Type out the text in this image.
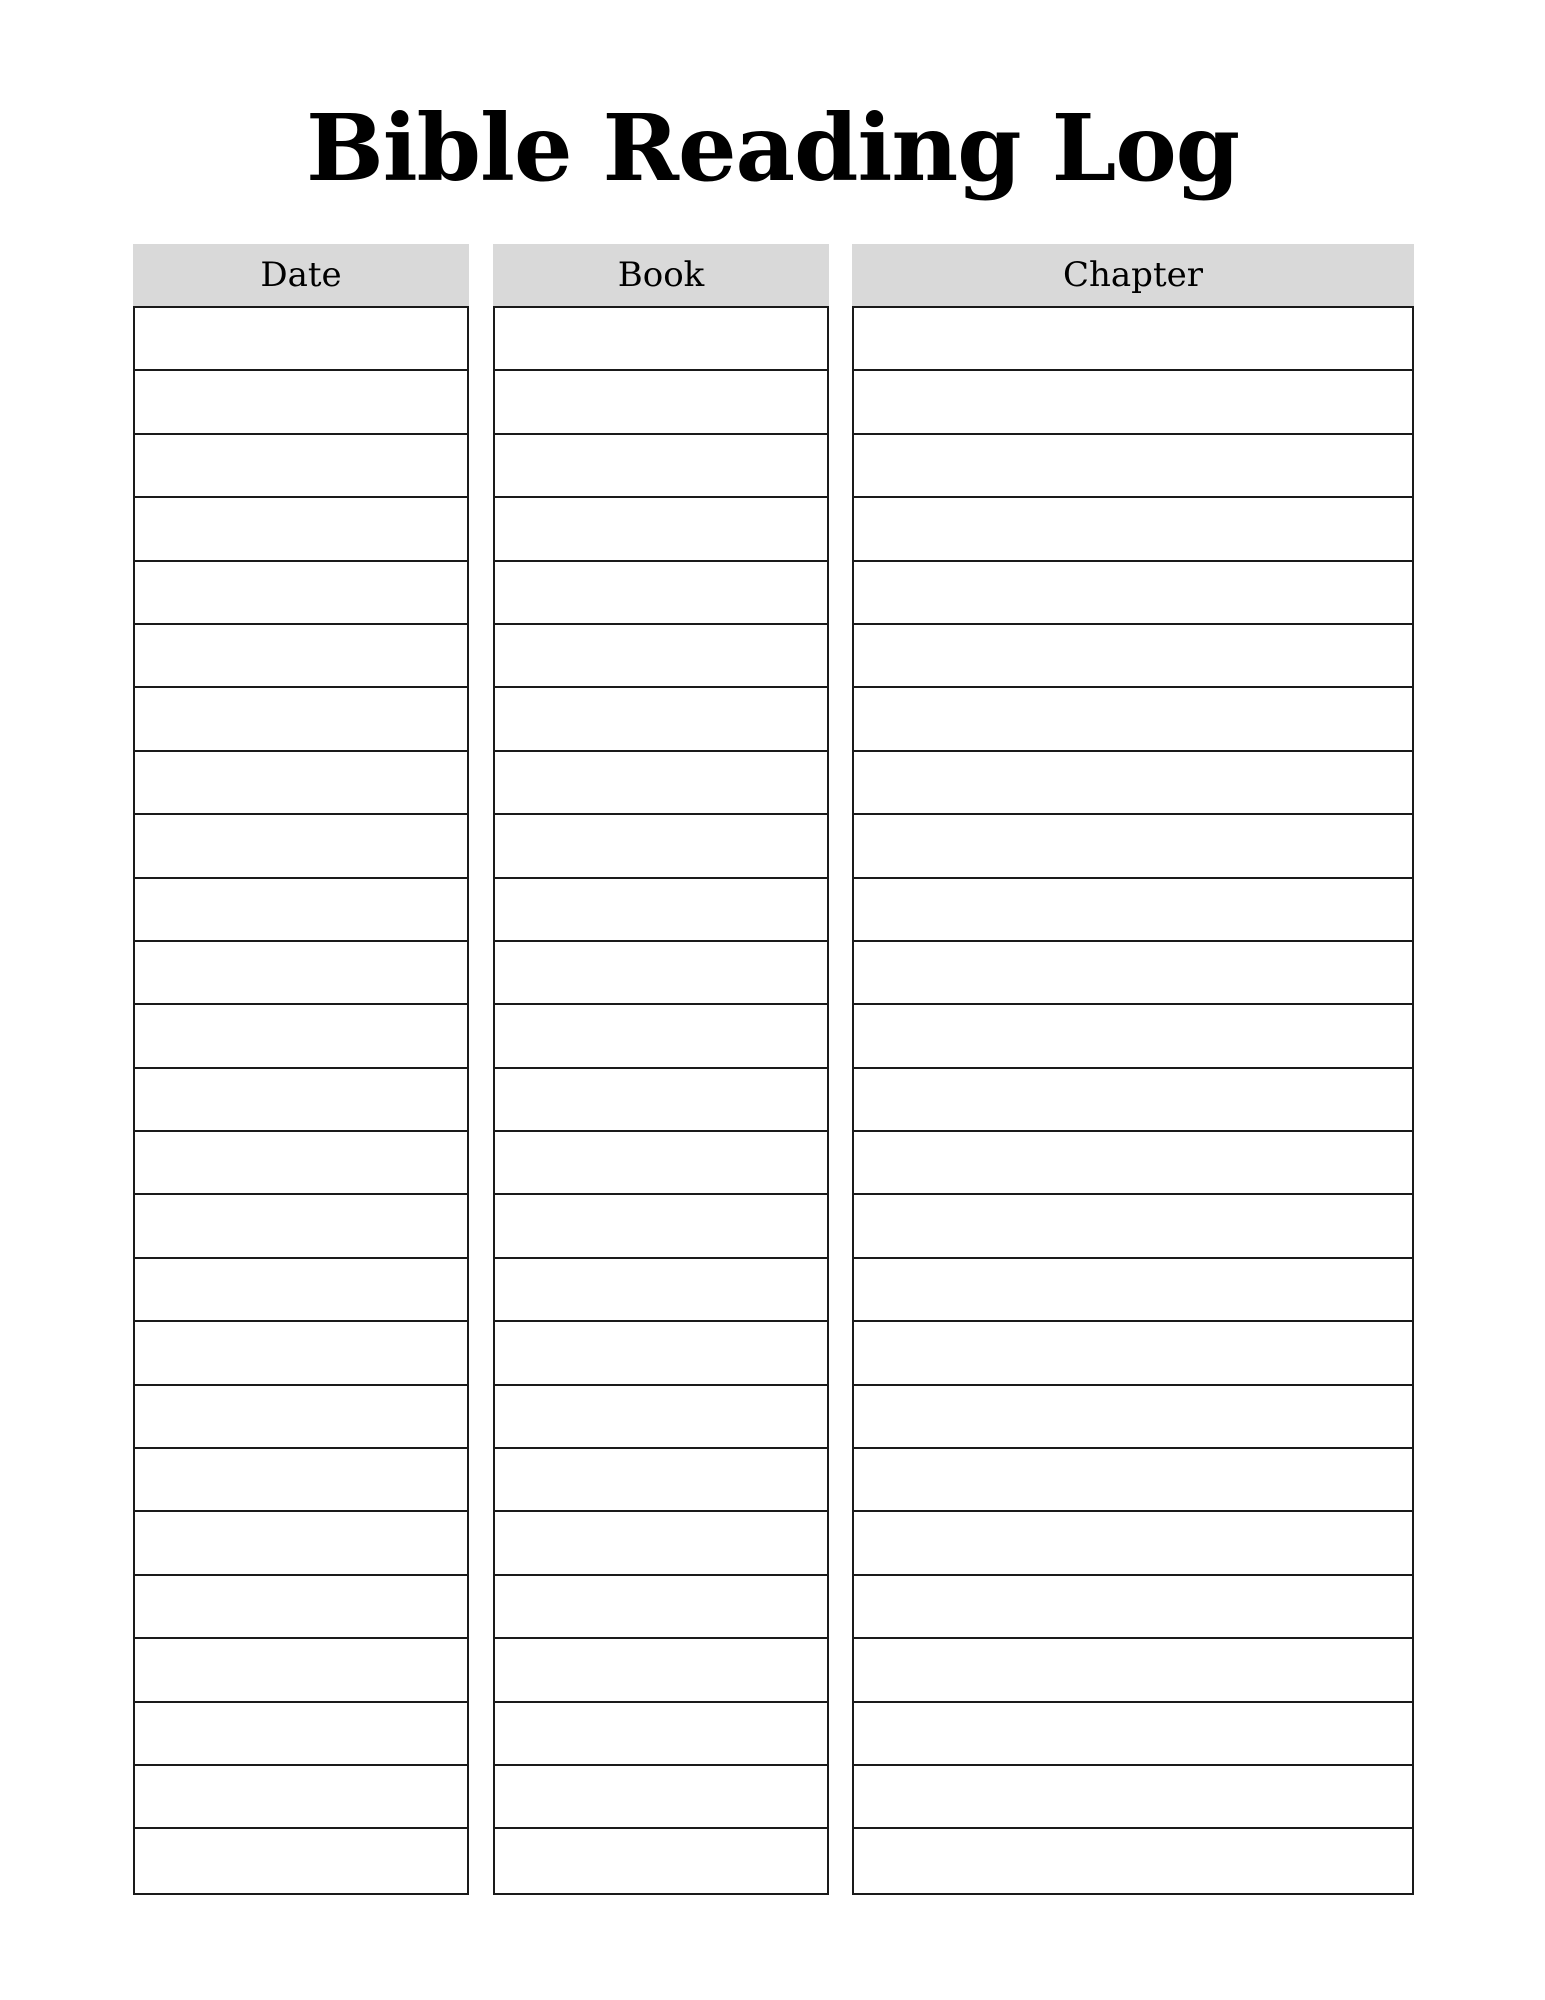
Bible Reading Log
Date	Book	Chapter
